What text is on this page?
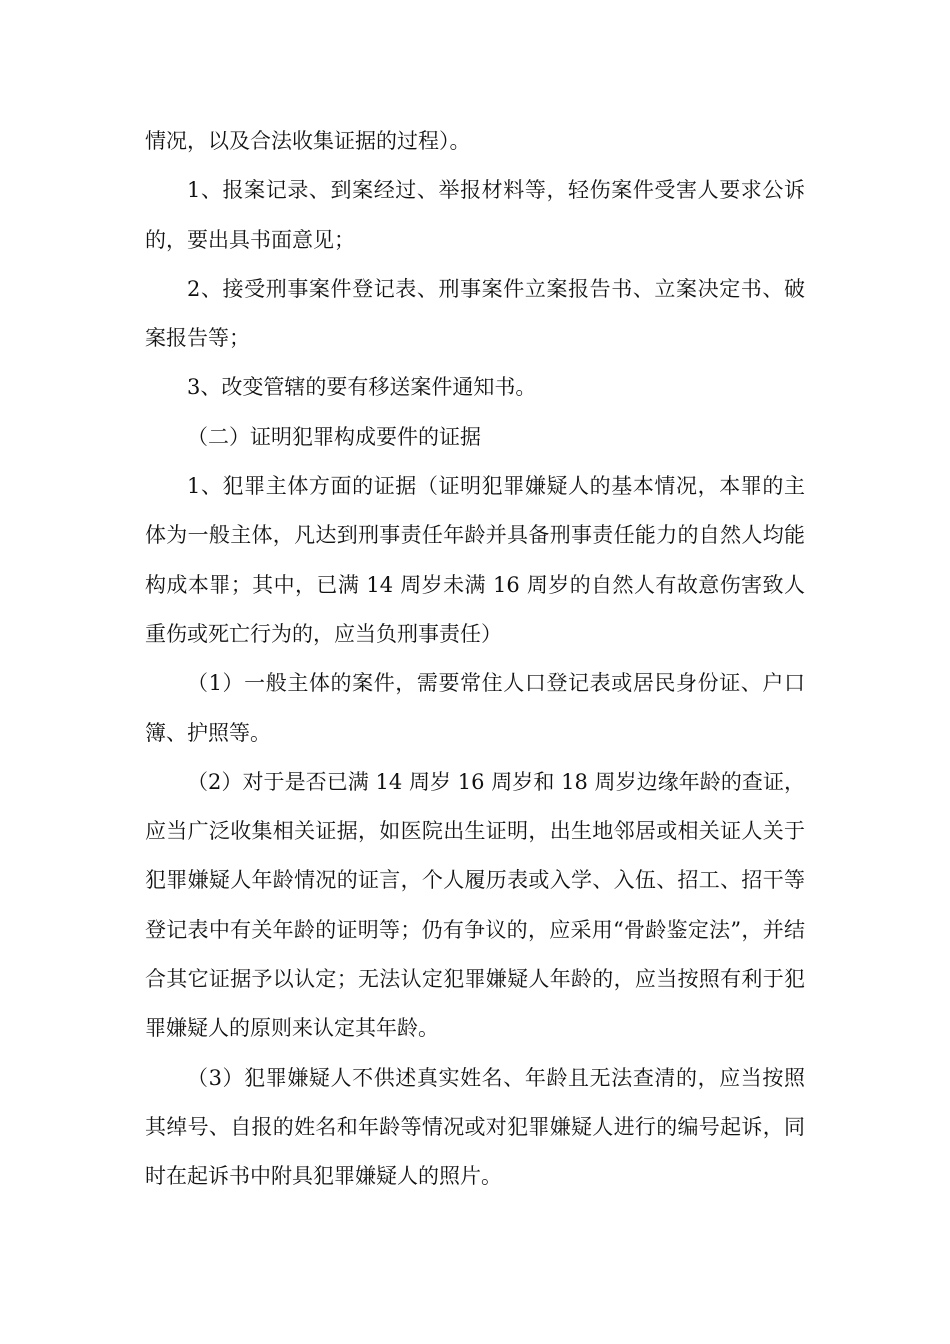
情况，以及合法收集证据的过程）。

1、报案记录、到案经过、举报材料等，轻伤案件受害人要求公诉的，要出具书面意见；

2、接受刑事案件登记表、刑事案件立案报告书、立案决定书、破案报告等；

3、改变管辖的要有移送案件通知书。

（二）证明犯罪构成要件的证据

1、犯罪主体方面的证据（证明犯罪嫌疑人的基本情况，本罪的主体为一般主体，凡达到刑事责任年龄并具备刑事责任能力的自然人均能构成本罪；其中，已满 14 周岁未满 16 周岁的自然人有故意伤害致人重伤或死亡行为的，应当负刑事责任）

（1）一般主体的案件，需要常住人口登记表或居民身份证、户口簿、护照等。

（2）对于是否已满 14 周岁 16 周岁和 18 周岁边缘年龄的查证，应当广泛收集相关证据，如医院出生证明，出生地邻居或相关证人关于犯罪嫌疑人年龄情况的证言，个人履历表或入学、入伍、招工、招干等登记表中有关年龄的证明等；仍有争议的，应采用“骨龄鉴定法”，并结合其它证据予以认定；无法认定犯罪嫌疑人年龄的，应当按照有利于犯罪嫌疑人的原则来认定其年龄。

（3）犯罪嫌疑人不供述真实姓名、年龄且无法查清的，应当按照其绰号、自报的姓名和年龄等情况或对犯罪嫌疑人进行的编号起诉，同时在起诉书中附具犯罪嫌疑人的照片。
